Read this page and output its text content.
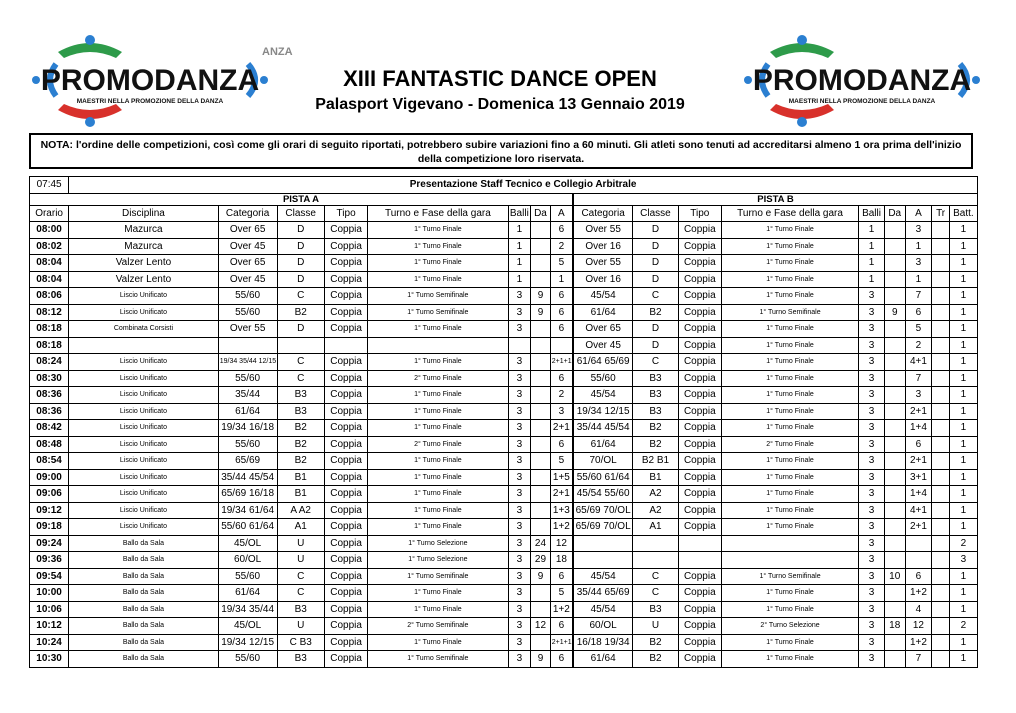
PROMODANZA
MAESTRI NELLA PROMOZIONE DELLA DANZA
ANZA
XIII FANTASTIC DANCE OPEN
Palasport Vigevano - Domenica 13 Gennaio 2019
PROMODANZA
MAESTRI NELLA PROMOZIONE DELLA DANZA
NOTA: l'ordine delle competizioni, così come gli orari di seguito riportati, potrebbero subire variazioni fino a 60 minuti. Gli atleti sono tenuti ad accreditarsi almeno 1 ora prima dell'inizio della competizione loro riservata.
07:45	Presentazione Staff Tecnico e Collegio Arbitrale																
PISTA A									PISTA B								
Orario	Disciplina	Categoria	Classe	Tipo	Turno e Fase della gara	Balli	Da	A	Categoria	Classe	Tipo	Turno e Fase della gara	Balli	Da	A	Tr	Batt.
08:00	Mazurca	Over 65	D	Coppia	1° Turno Finale	1		6	Over 55	D	Coppia	1° Turno Finale	1		3		1
08:02	Mazurca	Over 45	D	Coppia	1° Turno Finale	1		2	Over 16	D	Coppia	1° Turno Finale	1		1		1
08:04	Valzer Lento	Over 65	D	Coppia	1° Turno Finale	1		5	Over 55	D	Coppia	1° Turno Finale	1		3		1
08:04	Valzer Lento	Over 45	D	Coppia	1° Turno Finale	1		1	Over 16	D	Coppia	1° Turno Finale	1		1		1
08:06	Liscio Unificato	55/60	C	Coppia	1° Turno Semifinale	3	9	6	45/54	C	Coppia	1° Turno Finale	3		7		1
08:12	Liscio Unificato	55/60	B2	Coppia	1° Turno Semifinale	3	9	6	61/64	B2	Coppia	1° Turno Semifinale	3	9	6		1
08:18	Combinata Corsisti	Over 55	D	Coppia	1° Turno Finale	3		6	Over 65	D	Coppia	1° Turno Finale	3		5		1
08:18									Over 45	D	Coppia	1° Turno Finale	3		2		1
08:24	Liscio Unificato	19/34 35/44 12/15	C	Coppia	1° Turno Finale	3		2+1+1	61/64 65/69	C	Coppia	1° Turno Finale	3		4+1		1
08:30	Liscio Unificato	55/60	C	Coppia	2° Turno Finale	3		6	55/60	B3	Coppia	1° Turno Finale	3		7		1
08:36	Liscio Unificato	35/44	B3	Coppia	1° Turno Finale	3		2	45/54	B3	Coppia	1° Turno Finale	3		3		1
08:36	Liscio Unificato	61/64	B3	Coppia	1° Turno Finale	3		3	19/34 12/15	B3	Coppia	1° Turno Finale	3		2+1		1
08:42	Liscio Unificato	19/34 16/18	B2	Coppia	1° Turno Finale	3		2+1	35/44 45/54	B2	Coppia	1° Turno Finale	3		1+4		1
08:48	Liscio Unificato	55/60	B2	Coppia	2° Turno Finale	3		6	61/64	B2	Coppia	2° Turno Finale	3		6		1
08:54	Liscio Unificato	65/69	B2	Coppia	1° Turno Finale	3		5	70/OL	B2 B1	Coppia	1° Turno Finale	3		2+1		1
09:00	Liscio Unificato	35/44 45/54	B1	Coppia	1° Turno Finale	3		1+5	55/60 61/64	B1	Coppia	1° Turno Finale	3		3+1		1
09:06	Liscio Unificato	65/69 16/18	B1	Coppia	1° Turno Finale	3		2+1	45/54 55/60	A2	Coppia	1° Turno Finale	3		1+4		1
09:12	Liscio Unificato	19/34 61/64	A A2	Coppia	1° Turno Finale	3		1+3	65/69 70/OL	A2	Coppia	1° Turno Finale	3		4+1		1
09:18	Liscio Unificato	55/60 61/64	A1	Coppia	1° Turno Finale	3		1+2	65/69 70/OL	A1	Coppia	1° Turno Finale	3		2+1		1
09:24	Ballo da Sala	45/OL	U	Coppia	1° Turno Selezione	3	24	12					3				2
09:36	Ballo da Sala	60/OL	U	Coppia	1° Turno Selezione	3	29	18					3				3
09:54	Ballo da Sala	55/60	C	Coppia	1° Turno Semifinale	3	9	6	45/54	C	Coppia	1° Turno Semifinale	3	10	6		1
10:00	Ballo da Sala	61/64	C	Coppia	1° Turno Finale	3		5	35/44 65/69	C	Coppia	1° Turno Finale	3		1+2		1
10:06	Ballo da Sala	19/34 35/44	B3	Coppia	1° Turno Finale	3		1+2	45/54	B3	Coppia	1° Turno Finale	3		4		1
10:12	Ballo da Sala	45/OL	U	Coppia	2° Turno Semifinale	3	12	6	60/OL	U	Coppia	2° Turno Selezione	3	18	12		2
10:24	Ballo da Sala	19/34 12/15	C B3	Coppia	1° Turno Finale	3		2+1+1	16/18 19/34	B2	Coppia	1° Turno Finale	3		1+2		1
10:30	Ballo da Sala	55/60	B3	Coppia	1° Turno Semifinale	3	9	6	61/64	B2	Coppia	1° Turno Finale	3		7		1
